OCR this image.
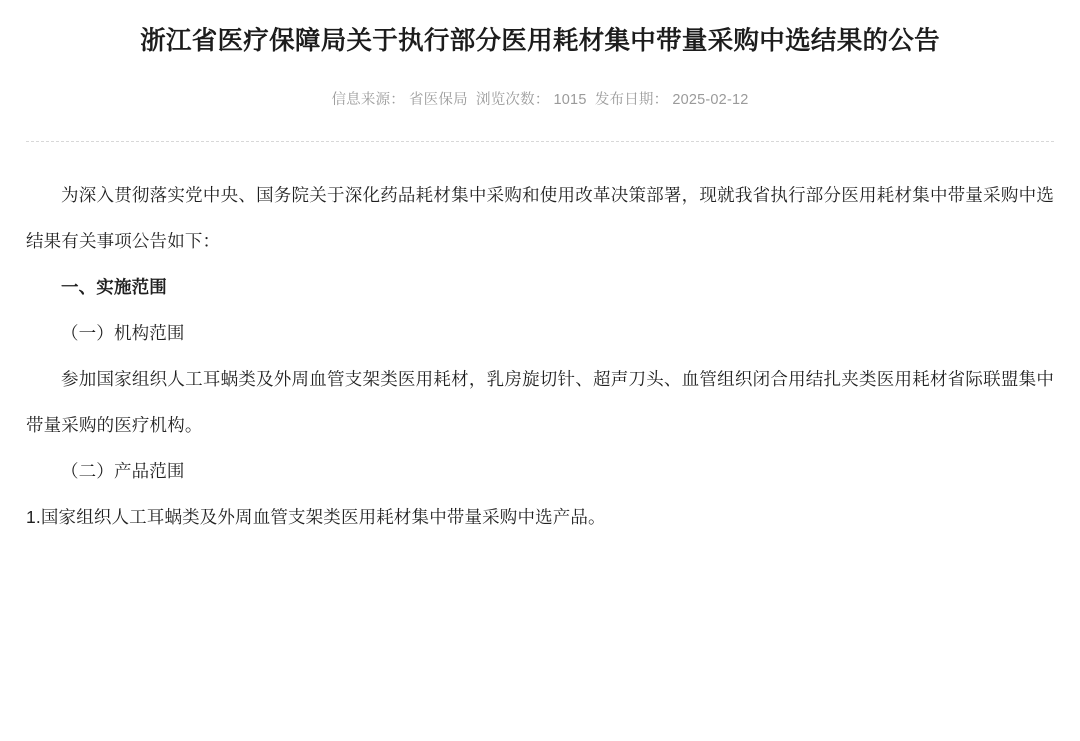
浙江省医疗保障局关于执行部分医用耗材集中带量采购中选结果的公告
信息来源： 省医保局 浏览次数： 1015 发布日期： 2025-02-12

为深入贯彻落实党中央、国务院关于深化药品耗材集中采购和使用改革决策部署，现就我省执行部分医用耗材集中带量采购中选结果有关事项公告如下：

一、实施范围

（一）机构范围

参加国家组织人工耳蜗类及外周血管支架类医用耗材，乳房旋切针、超声刀头、血管组织闭合用结扎夹类医用耗材省际联盟集中带量采购的医疗机构。

（二）产品范围

1.国家组织人工耳蜗类及外周血管支架类医用耗材集中带量采购中选产品。
